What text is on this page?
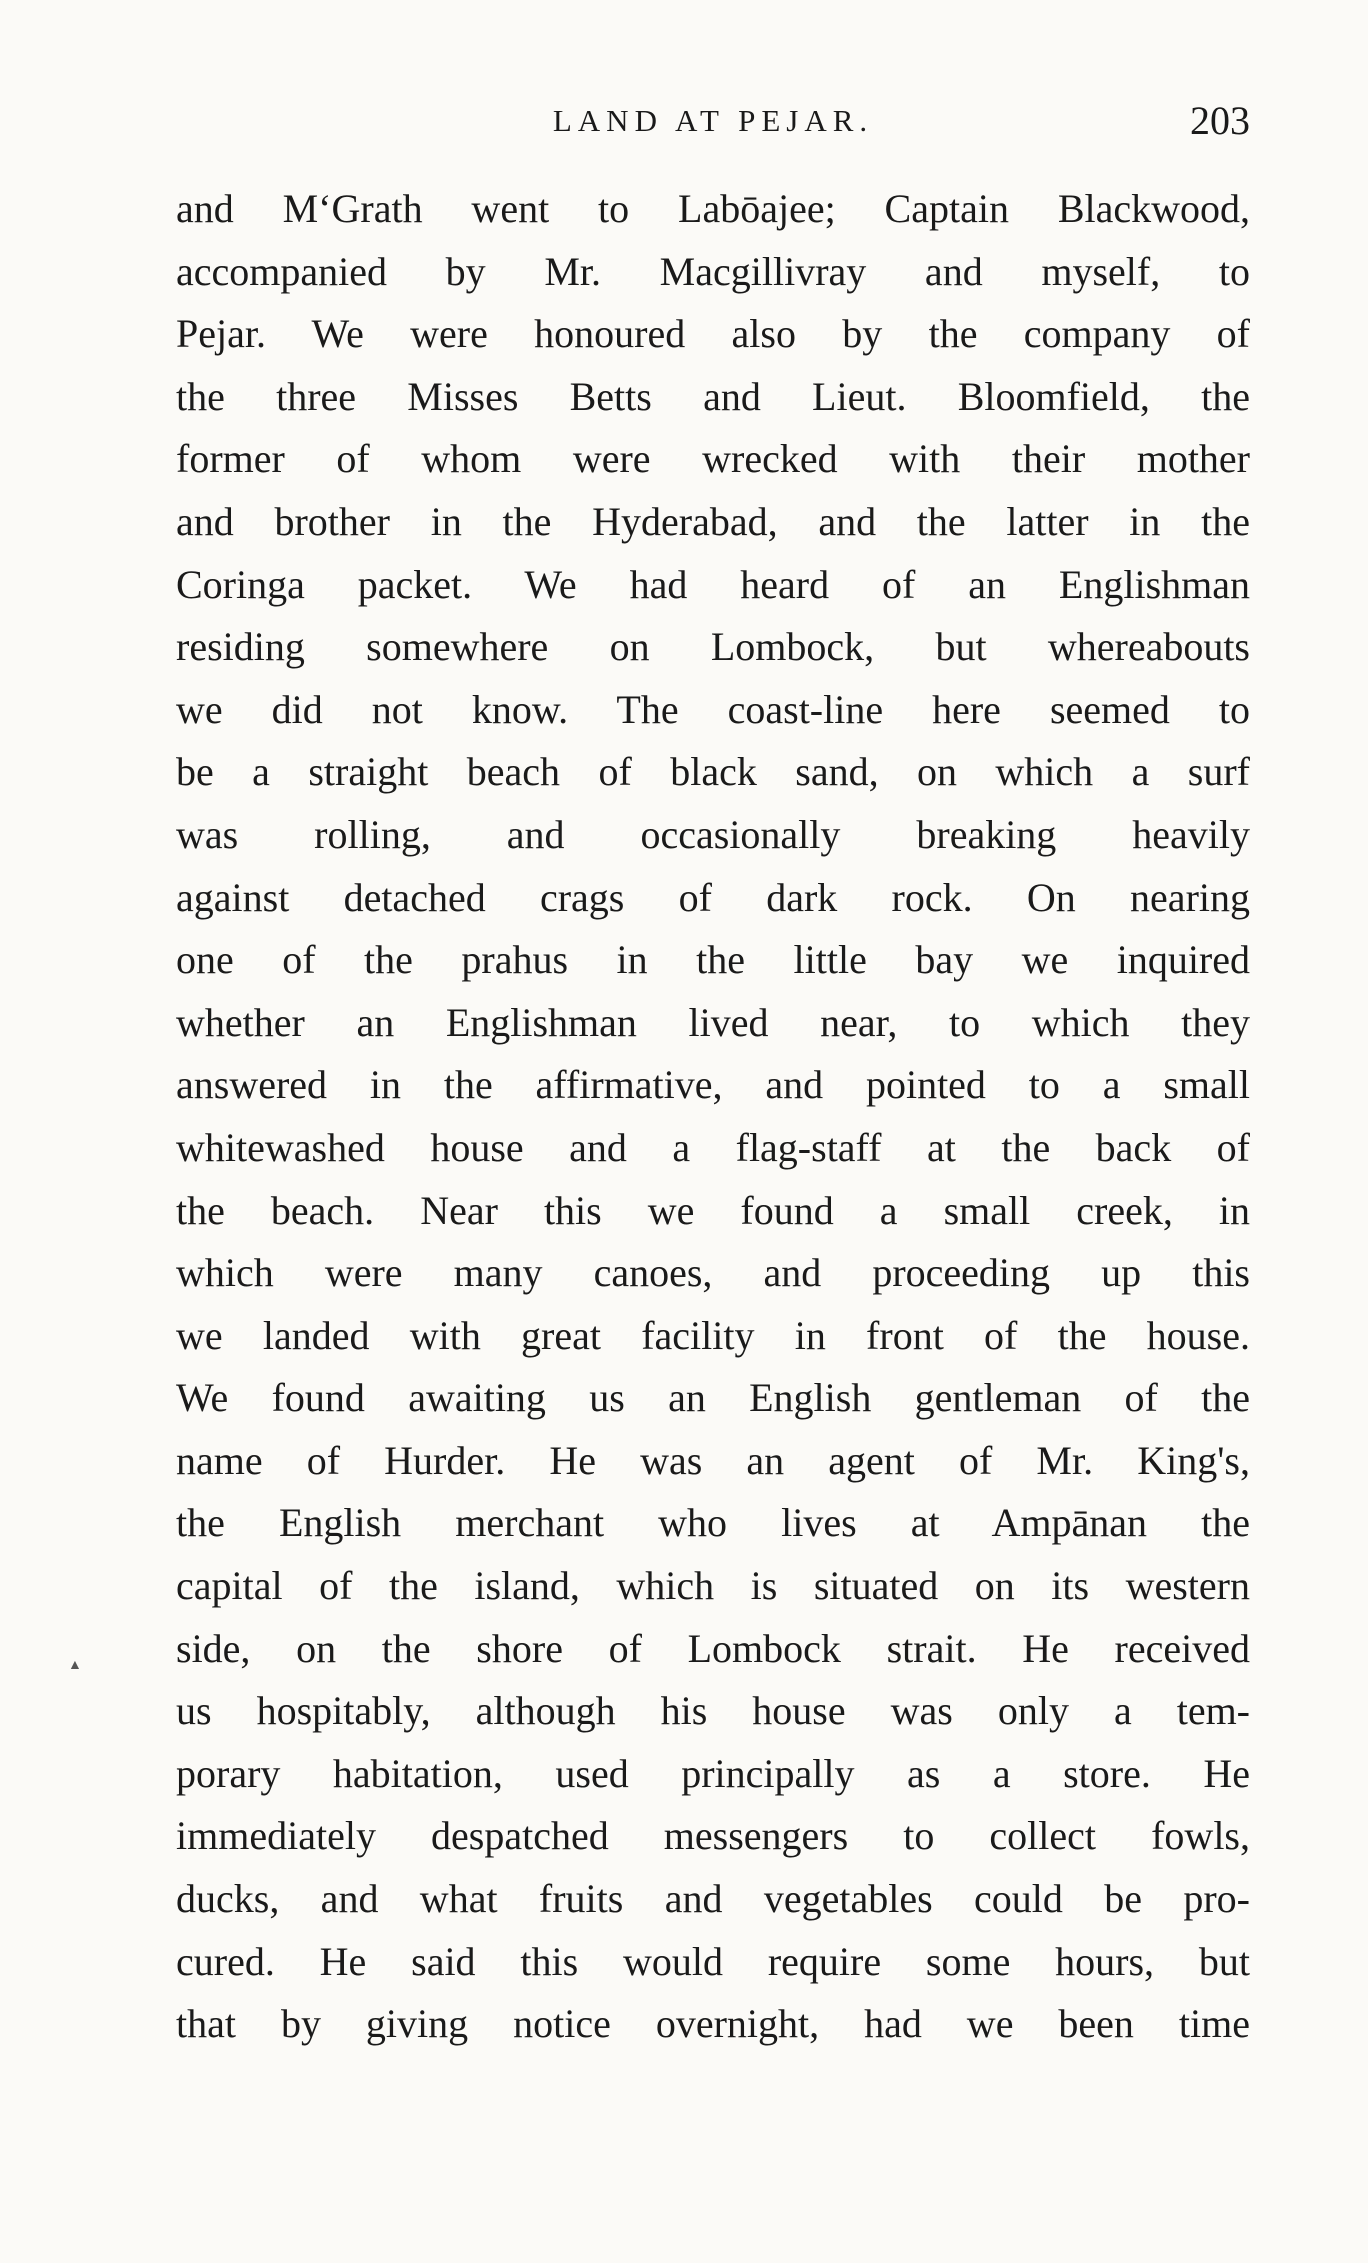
LAND AT PEJAR.	203
▲
and M‘Grath went to Labōajee; Captain Blackwood,
accompanied by Mr. Macgillivray and myself, to
Pejar. We were honoured also by the company of
the three Misses Betts and Lieut. Bloomfield, the
former of whom were wrecked with their mother
and brother in the Hyderabad, and the latter in the
Coringa packet. We had heard of an Englishman
residing somewhere on Lombock, but whereabouts
we did not know. The coast-line here seemed to
be a straight beach of black sand, on which a surf
was rolling, and occasionally breaking heavily
against detached crags of dark rock. On nearing
one of the prahus in the little bay we inquired
whether an Englishman lived near, to which they
answered in the affirmative, and pointed to a small
whitewashed house and a flag-staff at the back of
the beach. Near this we found a small creek, in
which were many canoes, and proceeding up this
we landed with great facility in front of the house.
We found awaiting us an English gentleman of the
name of Hurder. He was an agent of Mr. King's,
the English merchant who lives at Ampānan the
capital of the island, which is situated on its western
side, on the shore of Lombock strait. He received
us hospitably, although his house was only a tem-
porary habitation, used principally as a store. He
immediately despatched messengers to collect fowls,
ducks, and what fruits and vegetables could be pro-
cured. He said this would require some hours, but
that by giving notice overnight, had we been time
